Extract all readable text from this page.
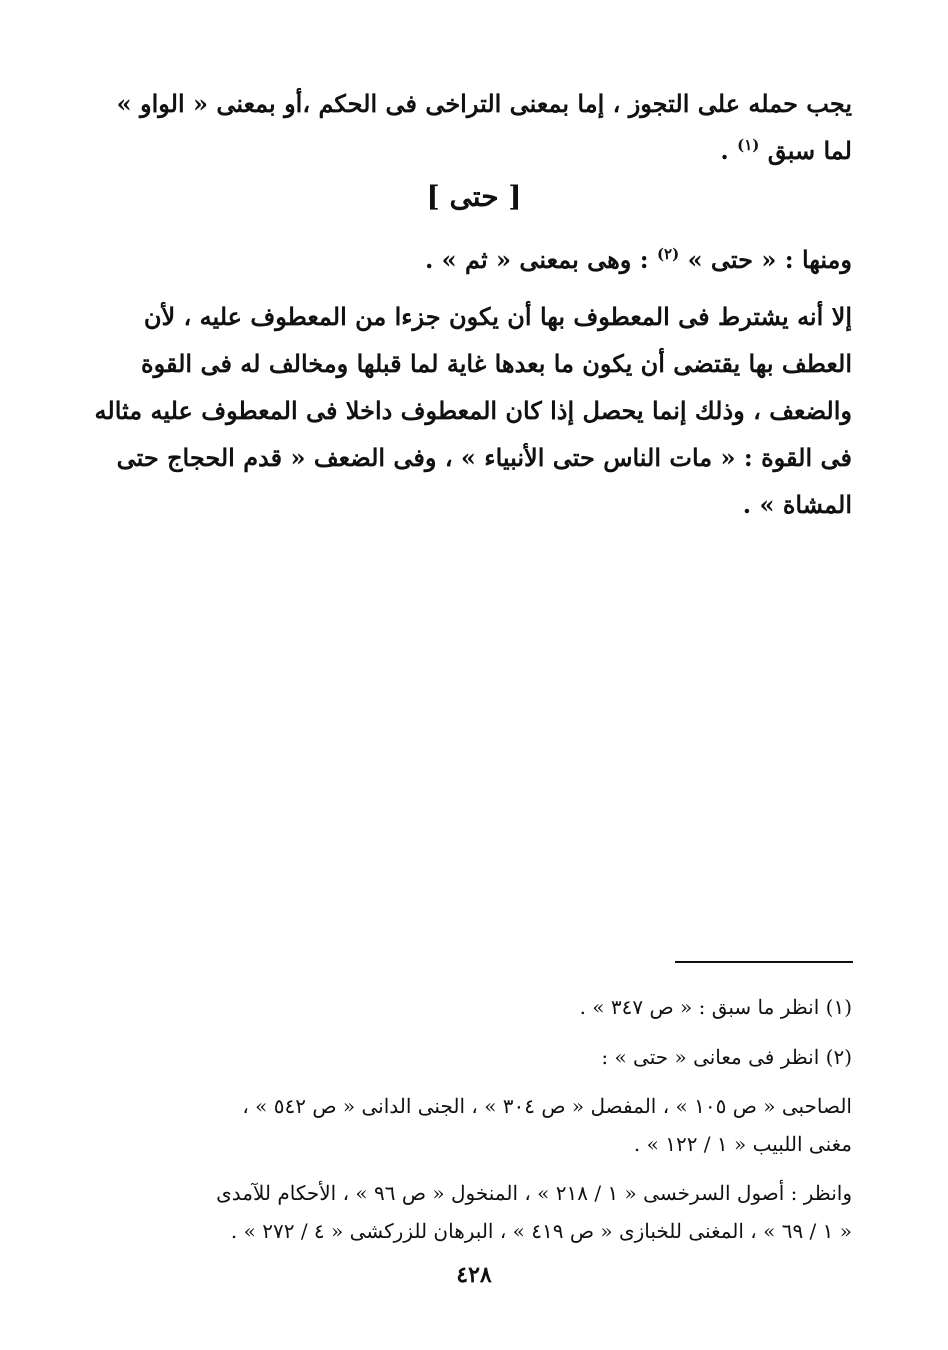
يجب حمله على التجوز ، إما بمعنى التراخى فى الحكم ،أو بمعنى « الواو »
لما سبق $^{(١)}$ .
[ حتى ]
ومنها : « حتى » $^{(٢)}$ : وهى بمعنى « ثم » .
إلا أنه يشترط فى المعطوف بها أن يكون جزءا من المعطوف عليه ، لأن
العطف بها يقتضى أن يكون ما بعدها غاية لما قبلها ومخالف له فى القوة
والضعف ، وذلك إنما يحصل إذا كان المعطوف داخلا فى المعطوف عليه مثاله
فى القوة : « مات الناس حتى الأنبياء » ، وفى الضعف « قدم الحجاج حتى
المشاة » .
(١) انظر ما سبق : « ص ٣٤٧ » .
(٢) انظر فى معانى « حتى » :
الصاحبى « ص ١٠٥ » ، المفصل « ص ٣٠٤ » ، الجنى الدانى « ص ٥٤٢ » ،
مغنى اللبيب « ١ / ١٢٢ » .
وانظر : أصول السرخسى « ١ / ٢١٨ » ، المنخول « ص ٩٦ » ، الأحكام للآمدى
« ١ / ٦٩ » ، المغنى للخبازى « ص ٤١٩ » ، البرهان للزركشى « ٤ / ٢٧٢ » .
٤٢٨
